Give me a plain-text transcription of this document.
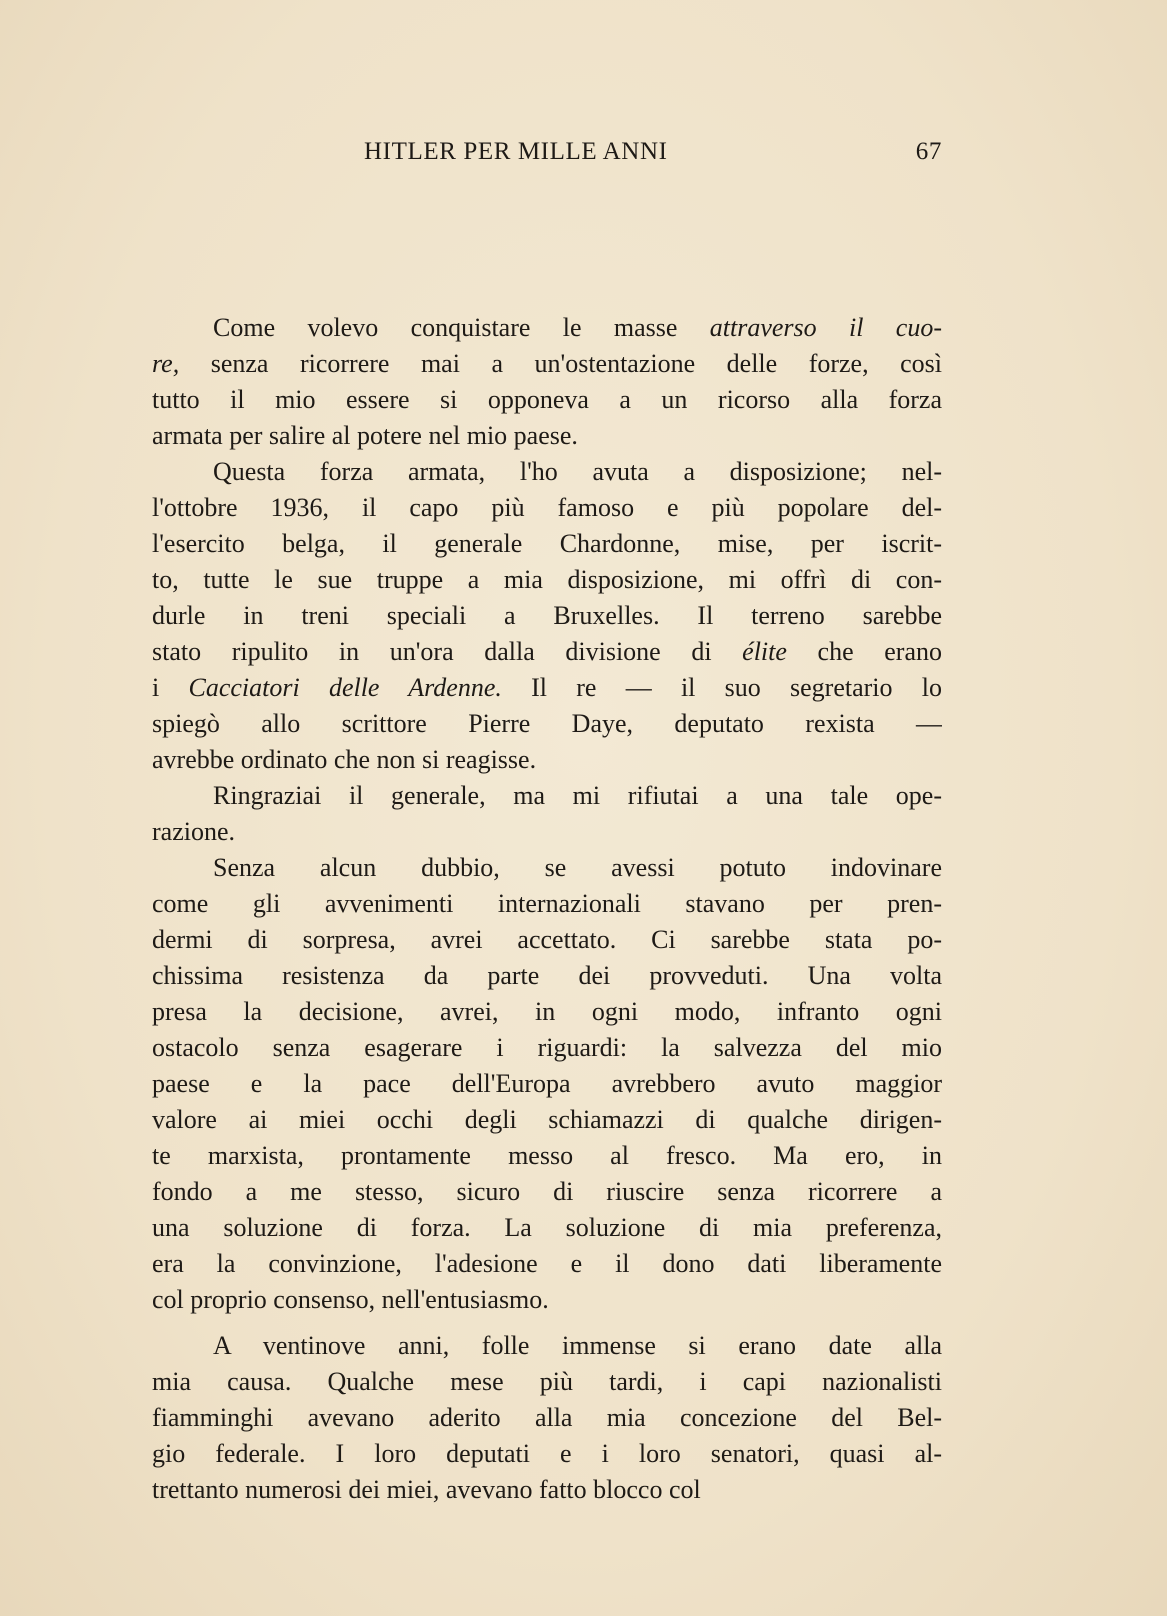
HITLER PER MILLE ANNI	67
Come volevo conquistare le masse attraverso il cuo-
re, senza ricorrere mai a un'ostentazione delle forze, così
tutto il mio essere si opponeva a un ricorso alla forza
armata per salire al potere nel mio paese.
Questa forza armata, l'ho avuta a disposizione; nel-
l'ottobre 1936, il capo più famoso e più popolare del-
l'esercito belga, il generale Chardonne, mise, per iscrit-
to, tutte le sue truppe a mia disposizione, mi offrì di con-
durle in treni speciali a Bruxelles. Il terreno sarebbe
stato ripulito in un'ora dalla divisione di élite che erano
i Cacciatori delle Ardenne. Il re — il suo segretario lo
spiegò allo scrittore Pierre Daye, deputato rexista —
avrebbe ordinato che non si reagisse.
Ringraziai il generale, ma mi rifiutai a una tale ope-
razione.
Senza alcun dubbio, se avessi potuto indovinare
come gli avvenimenti internazionali stavano per pren-
dermi di sorpresa, avrei accettato. Ci sarebbe stata po-
chissima resistenza da parte dei provveduti. Una volta
presa la decisione, avrei, in ogni modo, infranto ogni
ostacolo senza esagerare i riguardi: la salvezza del mio
paese e la pace dell'Europa avrebbero avuto maggior
valore ai miei occhi degli schiamazzi di qualche dirigen-
te marxista, prontamente messo al fresco. Ma ero, in
fondo a me stesso, sicuro di riuscire senza ricorrere a
una soluzione di forza. La soluzione di mia preferenza,
era la convinzione, l'adesione e il dono dati liberamente
col proprio consenso, nell'entusiasmo.
A ventinove anni, folle immense si erano date alla
mia causa. Qualche mese più tardi, i capi nazionalisti
fiamminghi avevano aderito alla mia concezione del Bel-
gio federale. I loro deputati e i loro senatori, quasi al-
trettanto numerosi dei miei, avevano fatto blocco col
